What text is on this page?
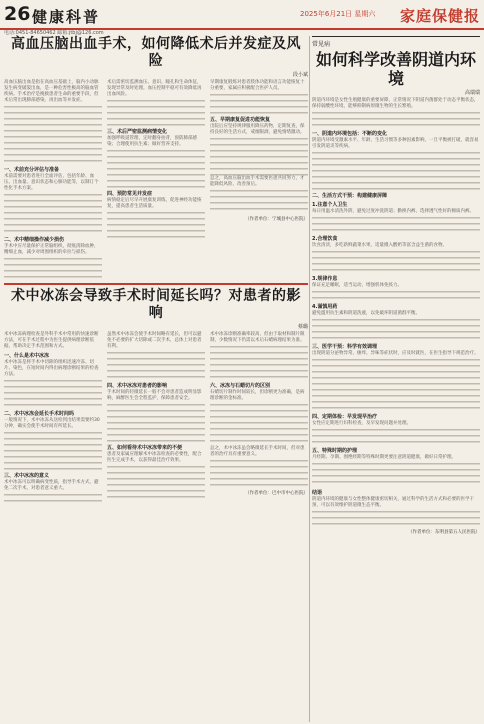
26 健康科普	2025年6月21日 星期六 家庭保健报
电话:0451-84650462 邮箱:jtbj@126.com
高血压脑出血手术，如何降低术后并发症及风险
段小斌

高血压脑出血是指在高血压基础上，脑内小动脉发生病变破裂出血，是一种危害性极高的脑血管疾病。手术治疗是挽救患者生命的重要手段，但术后常出现肺部感染、再出血等并发症。

一、术前充分评估与准备

术前需要对患者进行全面评估，包括年龄、血压、出血量、意识状态和心肺功能等，以制订个性化手术方案。

二、术中精细操作减少损伤

手术中应尽量保护正常脑组织，彻底清除血肿，精细止血，减少对周围组织的牵拉与损伤。

术后需密切监测血压、意识、瞳孔和生命体征，发现异常及时处理。血压控制平稳可有效降低再出血风险。

三、术后严密监测病情变化

加强呼吸道管理，定时翻身拍背，预防肺部感染；合理使用抗生素；做好营养支持。

四、预防常见并发症

病情稳定后尽早开展康复训练，促进神经功能恢复，提高患者生活质量。

早期康复锻炼对患者肢体功能和语言功能恢复十分重要，家属应积极配合医护人员。

五、早期康复促进功能恢复

出院后应坚持规律服用降压药物，定期复查，保持良好的生活方式，戒烟限酒，避免情绪激动。

总之，高血压脑出血手术需要医患共同努力，才能降低风险、改善预后。

（作者单位：宁城县中心医院）
术中冰冻会导致手术时间延长吗？对患者的影响
蔡璐

术中冰冻病理检查是外科手术中常用的快速诊断方法，可在手术过程中为医生提供病理诊断依据，帮助决定手术范围和方式。

一、什么是术中冰冻

术中冰冻是将手术中切除的组织迅速冷冻、切片、染色，在短时间内得出病理诊断结果的检查方法。

二、术中冰冻会延长手术时间吗

一般情况下，术中冰冻从送检到出结果需要约30分钟，确实会使手术时间有所延长。

三、术中冰冻的意义

术中冰冻可以明确病变性质，指导手术方式，避免二次手术，对患者意义重大。

虽然术中冰冻会使手术时间略有延长，但可以避免不必要的扩大切除或二次手术，总体上对患者有利。

四、术中冰冻对患者的影响

手术时间的轻微延长一般不会对患者造成明显影响，麻醉医生会全程监护，保障患者安全。

五、如何看待术中冰冻带来的不便

患者及家属应理解术中冰冻检查的必要性，配合医生完成手术，以获得最佳治疗效果。

术中冰冻诊断准确率较高，但由于取材和制片限制，少数情况下仍需以术后石蜡病理结果为准。

六、冰冻与石蜡切片的区别

石蜡切片制作时间较长，但诊断更为准确，是病理诊断的金标准。

总之，术中冰冻虽会略微延长手术时间，但对患者的治疗具有重要意义。

（作者单位：巴中市中心医院）
常见病
如何科学改善阴道内环境
高瑞瑞

阴道内环境是女性生殖健康的重要屏障，正常情况下阴道内菌群处于动态平衡状态，保持弱酸性环境，能够抑制病原微生物的生长繁殖。

一、阴道内环境包括：不断的变化

阴道内环境受激素水平、年龄、生活习惯等多种因素影响，一旦平衡被打破，就容易引发阴道炎等疾病。

二、生活方式干预：构建健康屏障
1.注意个人卫生

每日用温水清洗外阴，避免过度冲洗阴道；勤换内裤，选择透气性好的棉质内裤。

2.合理饮食

饮食清淡，多吃新鲜蔬菜水果，适量摄入酸奶等富含益生菌的食物。

3.规律作息

保证充足睡眠，适当运动，增强机体免疫力。

4.谨慎用药

避免滥用抗生素和阴道洗液，以免破坏阴道菌群平衡。

三、医学干预：科学有效调理

出现阴道分泌物异常、瘙痒、异味等症状时，应及时就医，在医生指导下规范治疗。

四、定期体检：早发现早治疗

女性应定期进行妇科检查，及早发现问题并处理。

五、特殊时期的护理

月经期、孕期、围绝经期等特殊时期更要注意阴道健康，做好日常护理。

结语

阴道内环境的健康与女性整体健康密切相关，通过科学的生活方式和必要的医学干预，可以有效维护阴道微生态平衡。

（作者单位：东明县第五人民医院）
